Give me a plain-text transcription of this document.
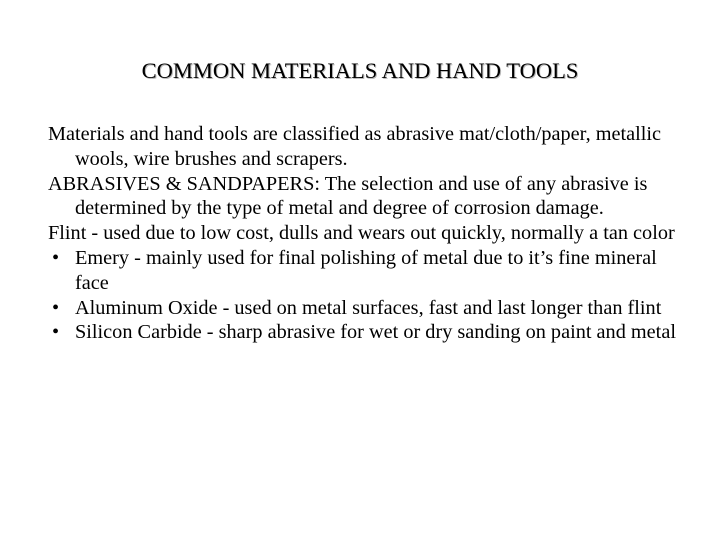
COMMON MATERIALS AND HAND TOOLS

Materials and hand tools are classified as abrasive mat/cloth/paper, metallic wools, wire brushes and scrapers.

ABRASIVES & SANDPAPERS: The selection and use of any abrasive is determined by the type of metal and degree of corrosion damage.

Flint - used due to low cost, dulls and wears out quickly, normally a tan color

• Emery - mainly used for final polishing of metal due to it’s fine mineral face

• Aluminum Oxide - used on metal surfaces, fast and last longer than flint

• Silicon Carbide - sharp abrasive for wet or dry sanding on paint and metal
